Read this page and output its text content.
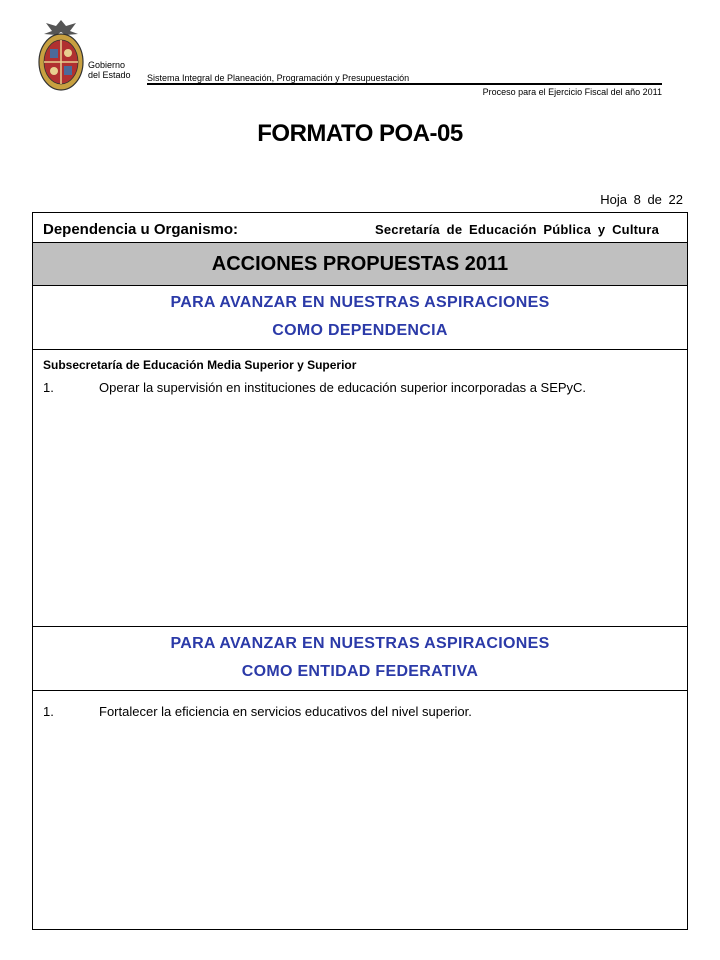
Gobierno
del Estado Sistema Integral de Planeación, Programación y Presupuestación
Proceso para el Ejercicio Fiscal del año 2011
FORMATO POA-05
Hoja 8 de 22
Dependencia u Organismo:	Secretaría de Educación Pública y Cultura
ACCIONES PROPUESTAS 2011
PARA AVANZAR EN NUESTRAS ASPIRACIONES
COMO DEPENDENCIA
Subsecretaría de Educación Media Superior y Superior
1.	Operar la supervisión en instituciones de educación superior incorporadas a SEPyC.
PARA AVANZAR EN NUESTRAS ASPIRACIONES
COMO ENTIDAD FEDERATIVA
1.	Fortalecer la eficiencia en servicios educativos del nivel superior.
